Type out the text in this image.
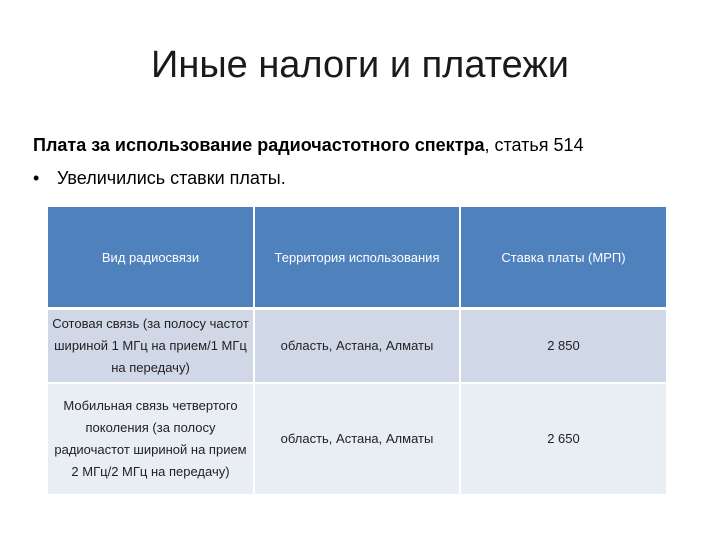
Иные налоги и платежи
Плата за использование радиочастотного спектра, статья 514
• Увеличились ставки платы.
Вид радиосвязи	Территория использования	Ставка платы (МРП)
Сотовая связь (за полосу частот шириной 1 МГц на прием/1 МГц на передачу)	область, Астана, Алматы	2 850
Мобильная связь четвертого поколения (за полосу радиочастот шириной на прием 2 МГц/2 МГц на передачу)	область, Астана, Алматы	2 650
